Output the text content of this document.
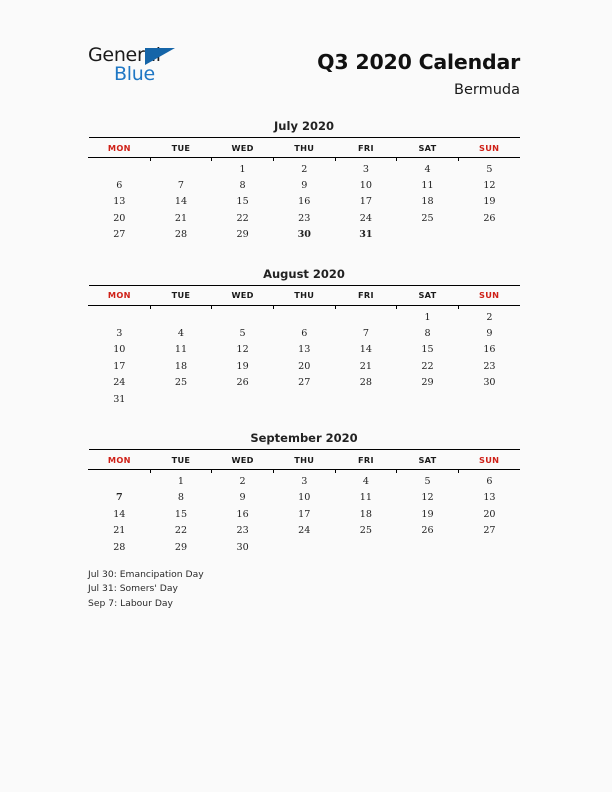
General
Blue	Q3 2020 Calendar
Bermuda
July 2020
MON	TUE	WED	THU	FRI	SAT	SUN

		1	2	3	4	5
6	7	8	9	10	11	12
13	14	15	16	17	18	19
20	21	22	23	24	25	26
27	28	29	30	31		
August 2020
MON	TUE	WED	THU	FRI	SAT	SUN

					1	2
3	4	5	6	7	8	9
10	11	12	13	14	15	16
17	18	19	20	21	22	23
24	25	26	27	28	29	30
31						
September 2020
MON	TUE	WED	THU	FRI	SAT	SUN

	1	2	3	4	5	6
7	8	9	10	11	12	13
14	15	16	17	18	19	20
21	22	23	24	25	26	27
28	29	30				
Jul 30: Emancipation Day
Jul 31: Somers' Day
Sep 7: Labour Day
